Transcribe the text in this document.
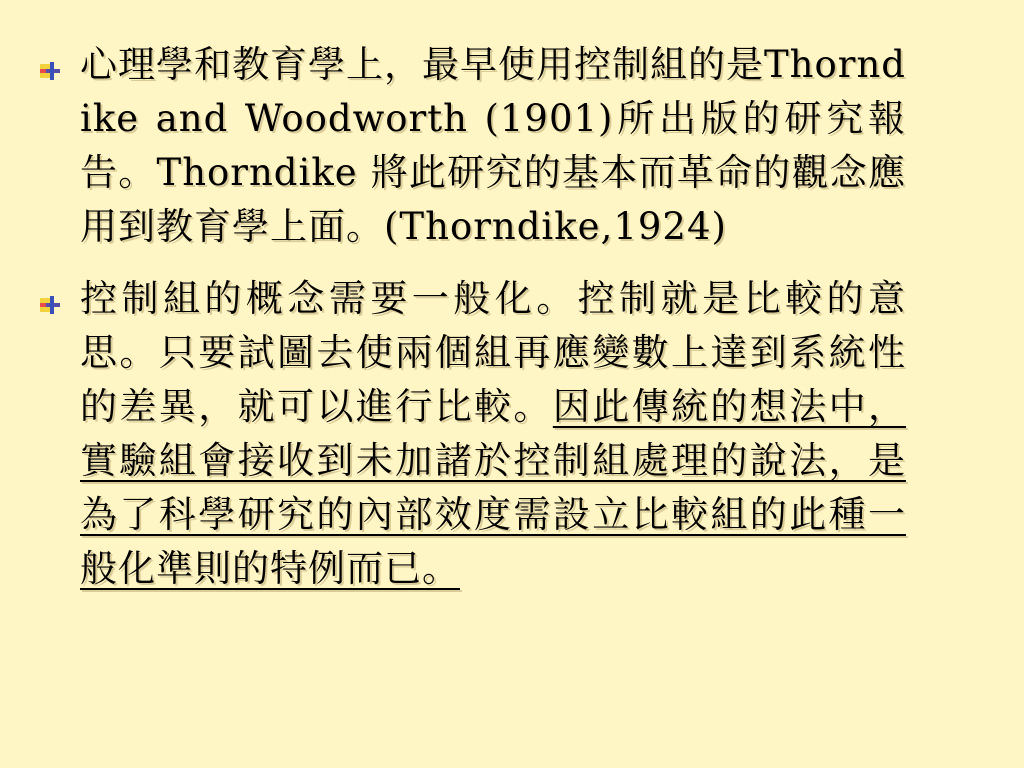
心理學和教育學上，最早使用控制組的是Thorndike and Woodworth (1901)所出版的研究報告。Thorndike 將此研究的基本而革命的觀念應用到教育學上面。(Thorndike,1924)
控制組的概念需要一般化。控制就是比較的意思。只要試圖去使兩個組再應變數上達到系統性的差異，就可以進行比較。因此傳統的想法中，實驗組會接收到未加諸於控制組處理的說法，是為了科學研究的內部效度需設立比較組的此種一般化準則的特例而已。
